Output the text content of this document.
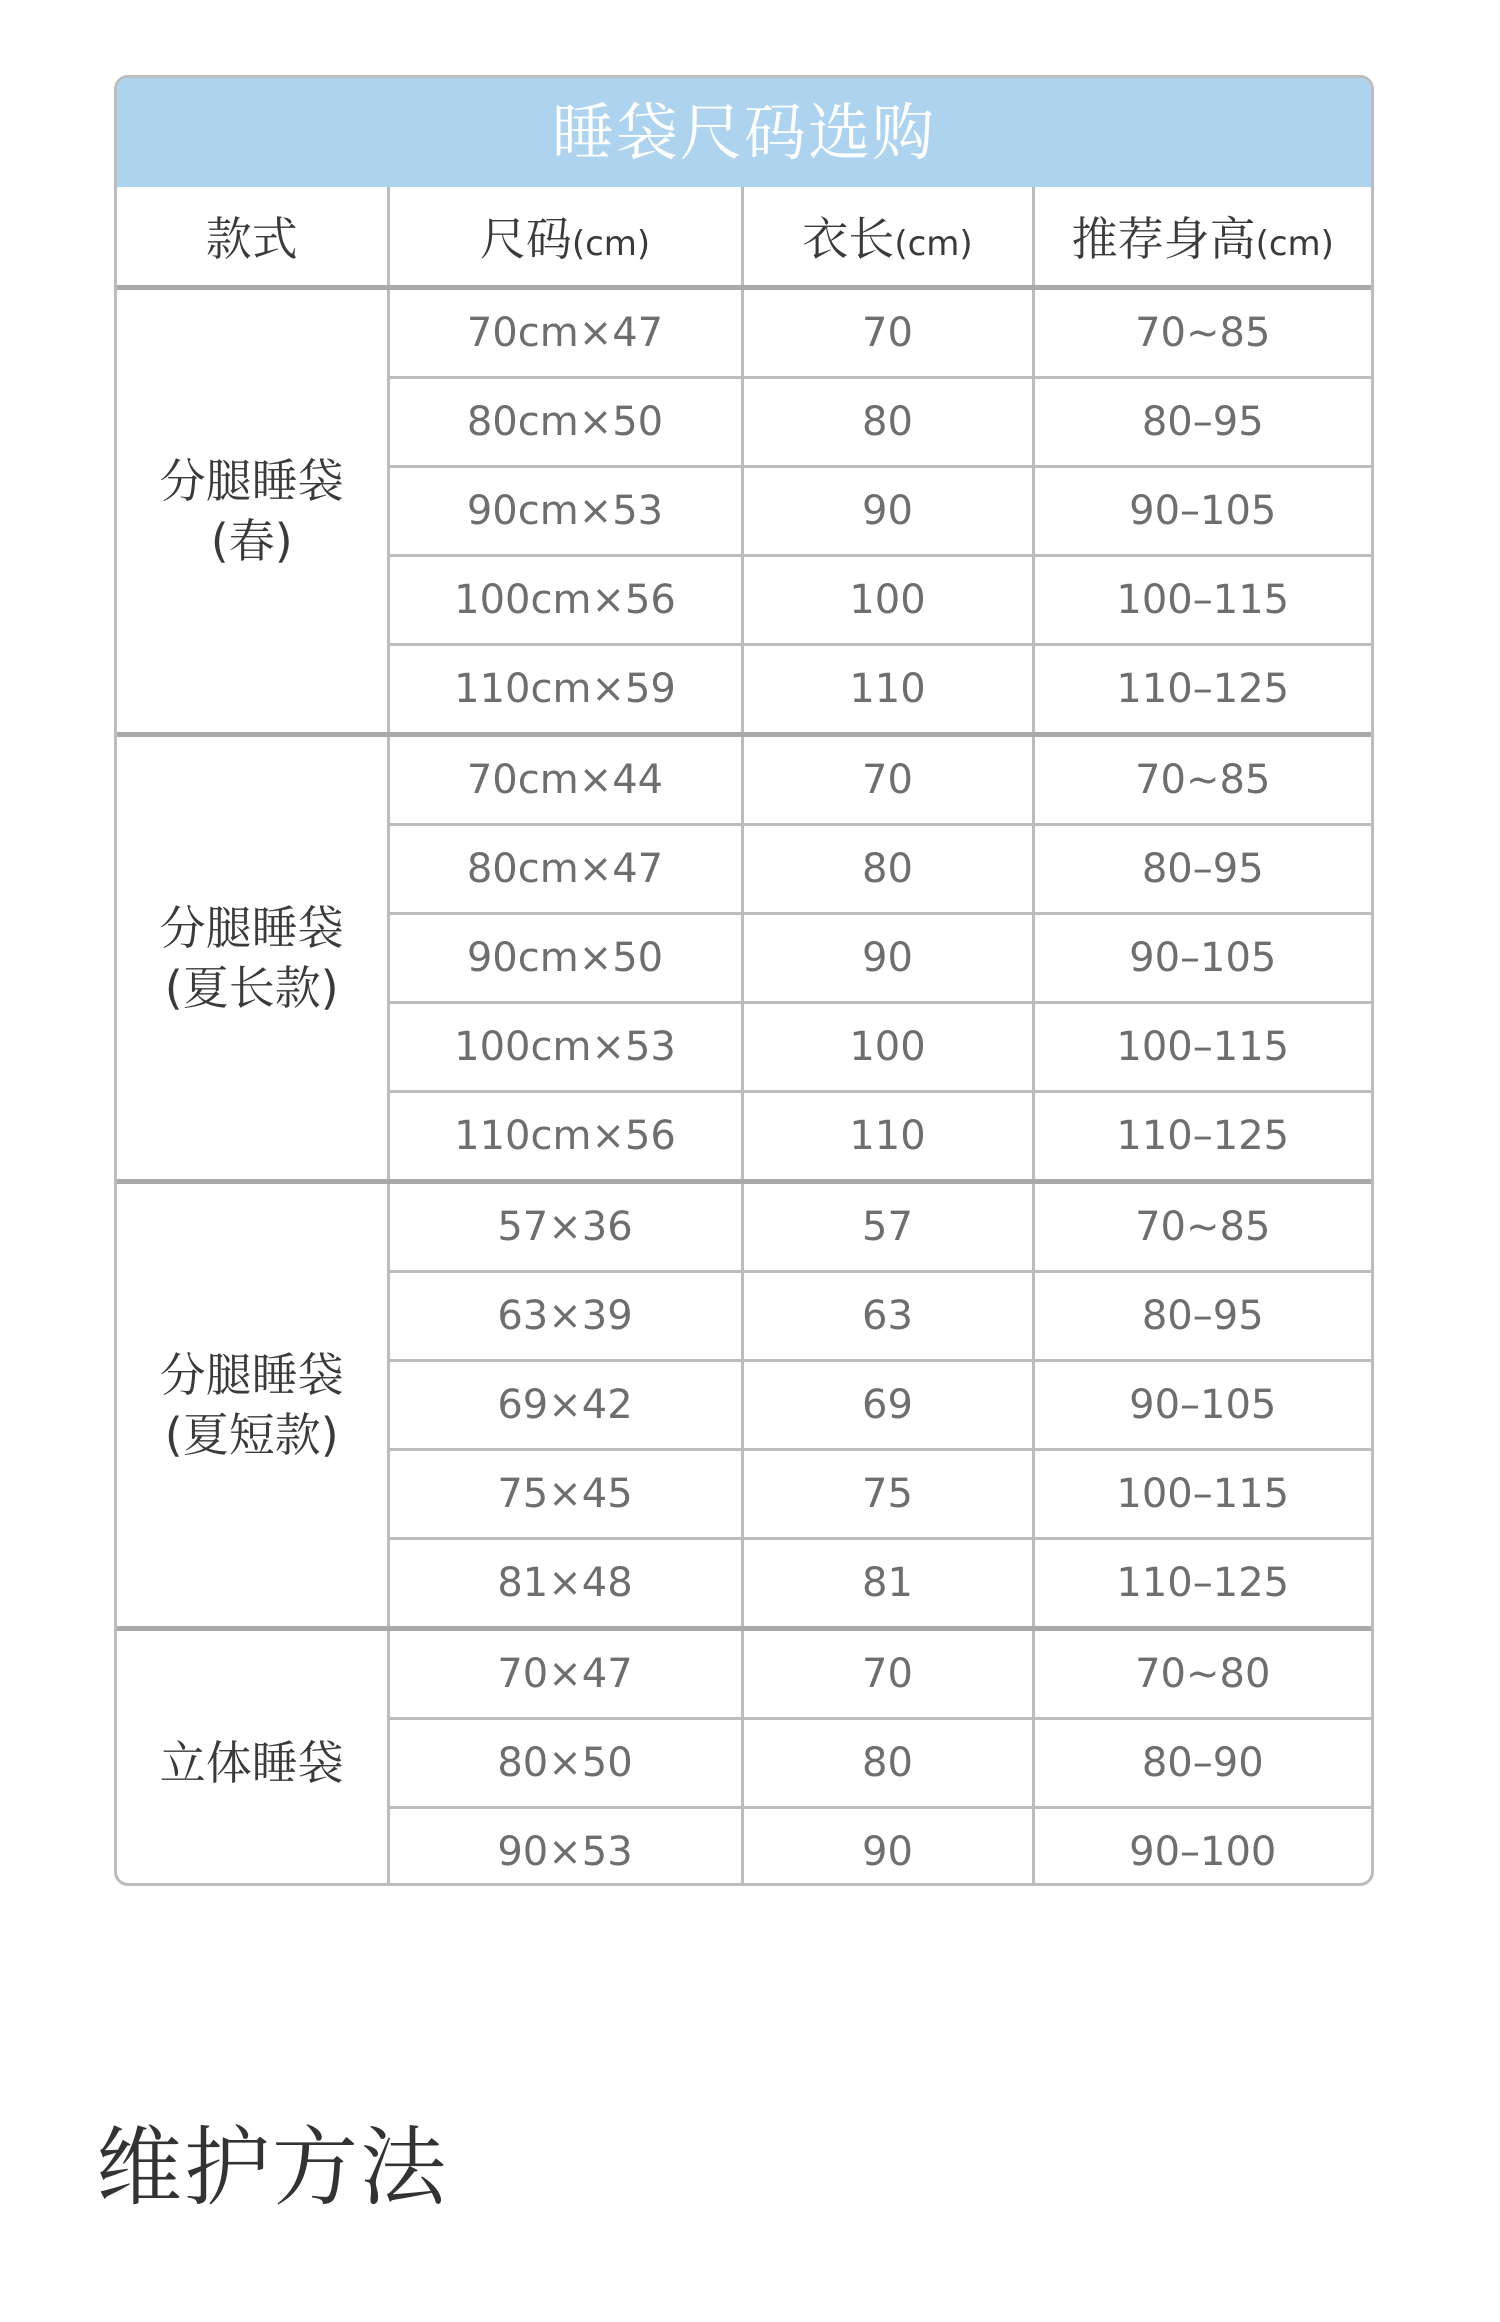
睡袋尺码选购
款式	尺码(cm)	衣长(cm)	推荐身高(cm)

分腿睡袋
(春)	70cm×47	70	70~85
	80cm×50	80	80–95
	90cm×53	90	90–105
	100cm×56	100	100–115
	110cm×59	110	110–125

分腿睡袋
(夏长款)	70cm×44	70	70~85
	80cm×47	80	80–95
	90cm×50	90	90–105
	100cm×53	100	100–115
	110cm×56	110	110–125

分腿睡袋
(夏短款)	57×36	57	70~85
	63×39	63	80–95
	69×42	69	90–105
	75×45	75	100–115
	81×48	81	110–125

立体睡袋	70×47	70	70~80
	80×50	80	80–90
	90×53	90	90–100
维护方法
